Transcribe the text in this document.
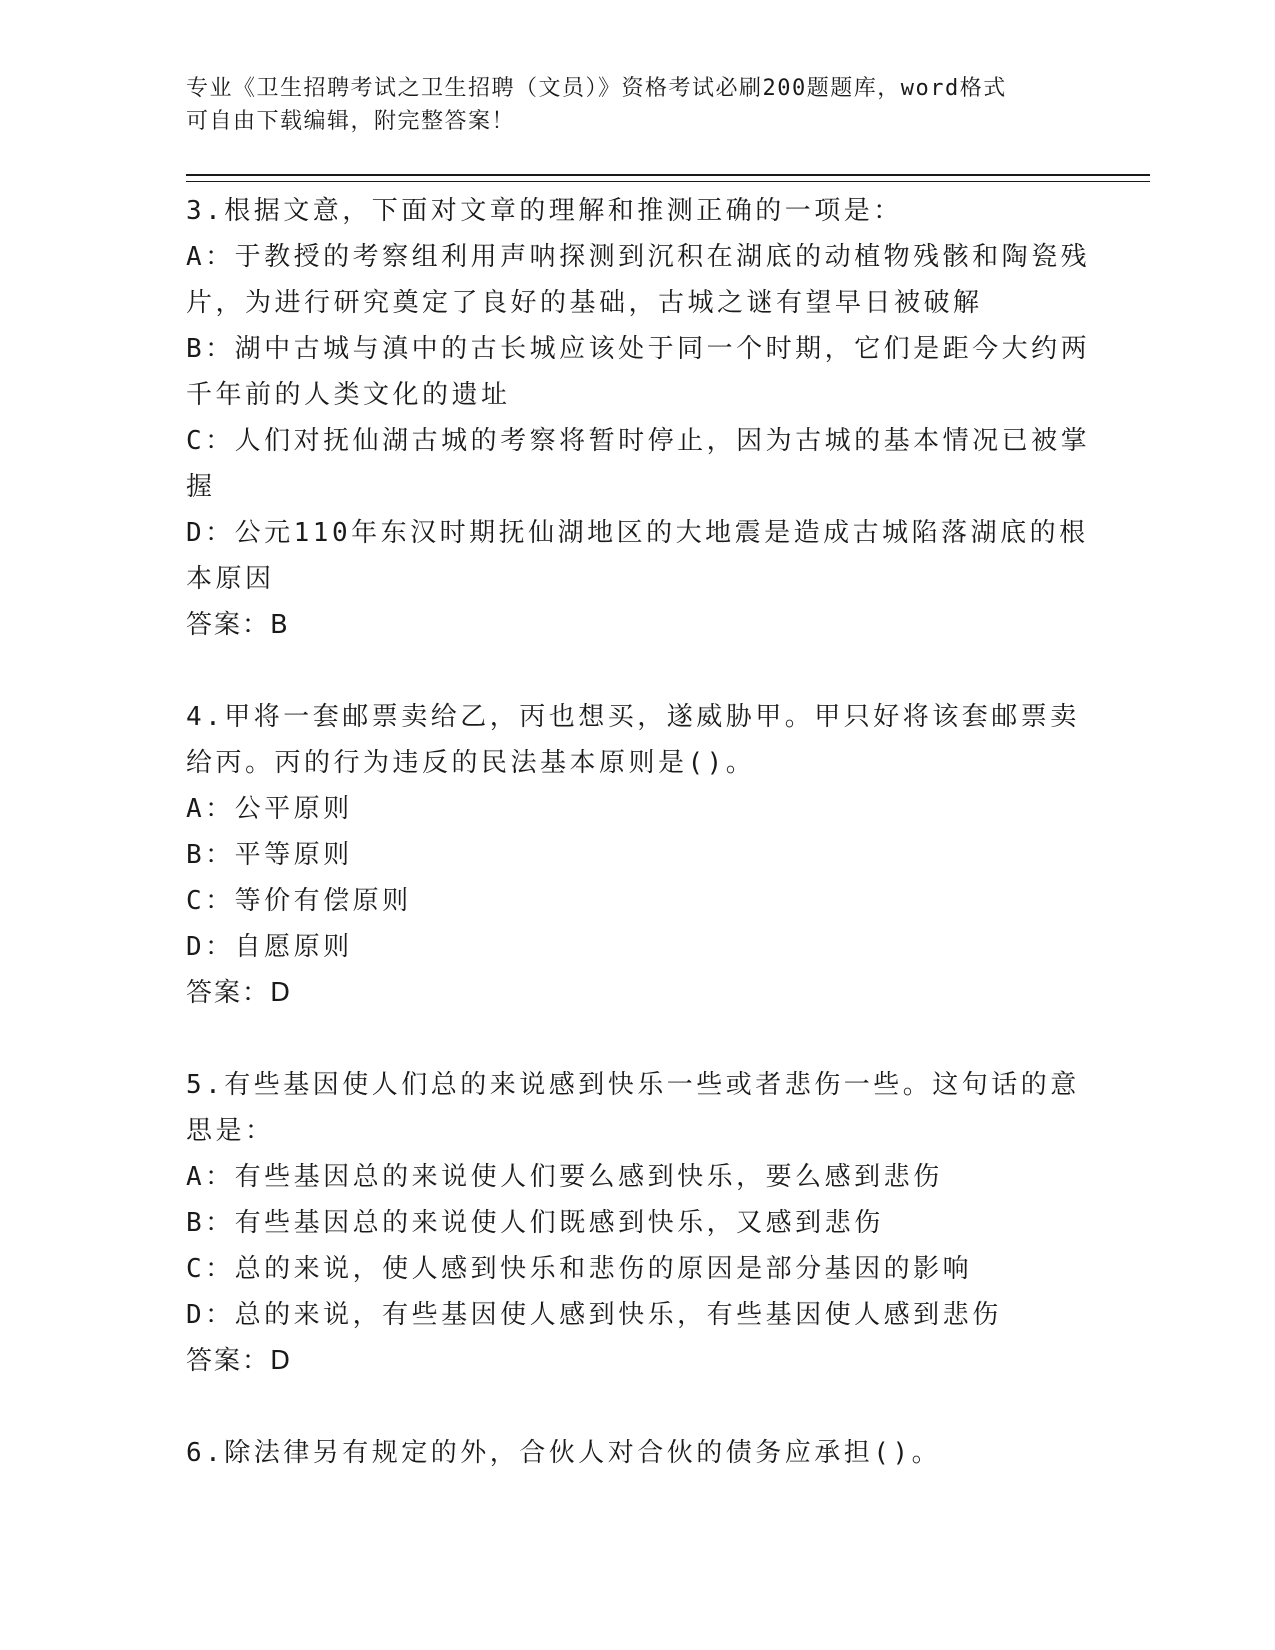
专业《卫生招聘考试之卫生招聘（文员）》资格考试必刷200题题库，word格式
可自由下载编辑，附完整答案！

3.根据文意，下面对文章的理解和推测正确的一项是：

A：于教授的考察组利用声呐探测到沉积在湖底的动植物残骸和陶瓷残

片，为进行研究奠定了良好的基础，古城之谜有望早日被破解

B：湖中古城与滇中的古长城应该处于同一个时期，它们是距今大约两

千年前的人类文化的遗址

C：人们对抚仙湖古城的考察将暂时停止，因为古城的基本情况已被掌

握

D：公元110年东汉时期抚仙湖地区的大地震是造成古城陷落湖底的根

本原因

答案：B

4.甲将一套邮票卖给乙，丙也想买，遂威胁甲。甲只好将该套邮票卖

给丙。丙的行为违反的民法基本原则是()。

A：公平原则

B：平等原则

C：等价有偿原则

D：自愿原则

答案：D

5.有些基因使人们总的来说感到快乐一些或者悲伤一些。这句话的意

思是：

A：有些基因总的来说使人们要么感到快乐，要么感到悲伤

B：有些基因总的来说使人们既感到快乐，又感到悲伤

C：总的来说，使人感到快乐和悲伤的原因是部分基因的影响

D：总的来说，有些基因使人感到快乐，有些基因使人感到悲伤

答案：D

6.除法律另有规定的外，合伙人对合伙的债务应承担()。
